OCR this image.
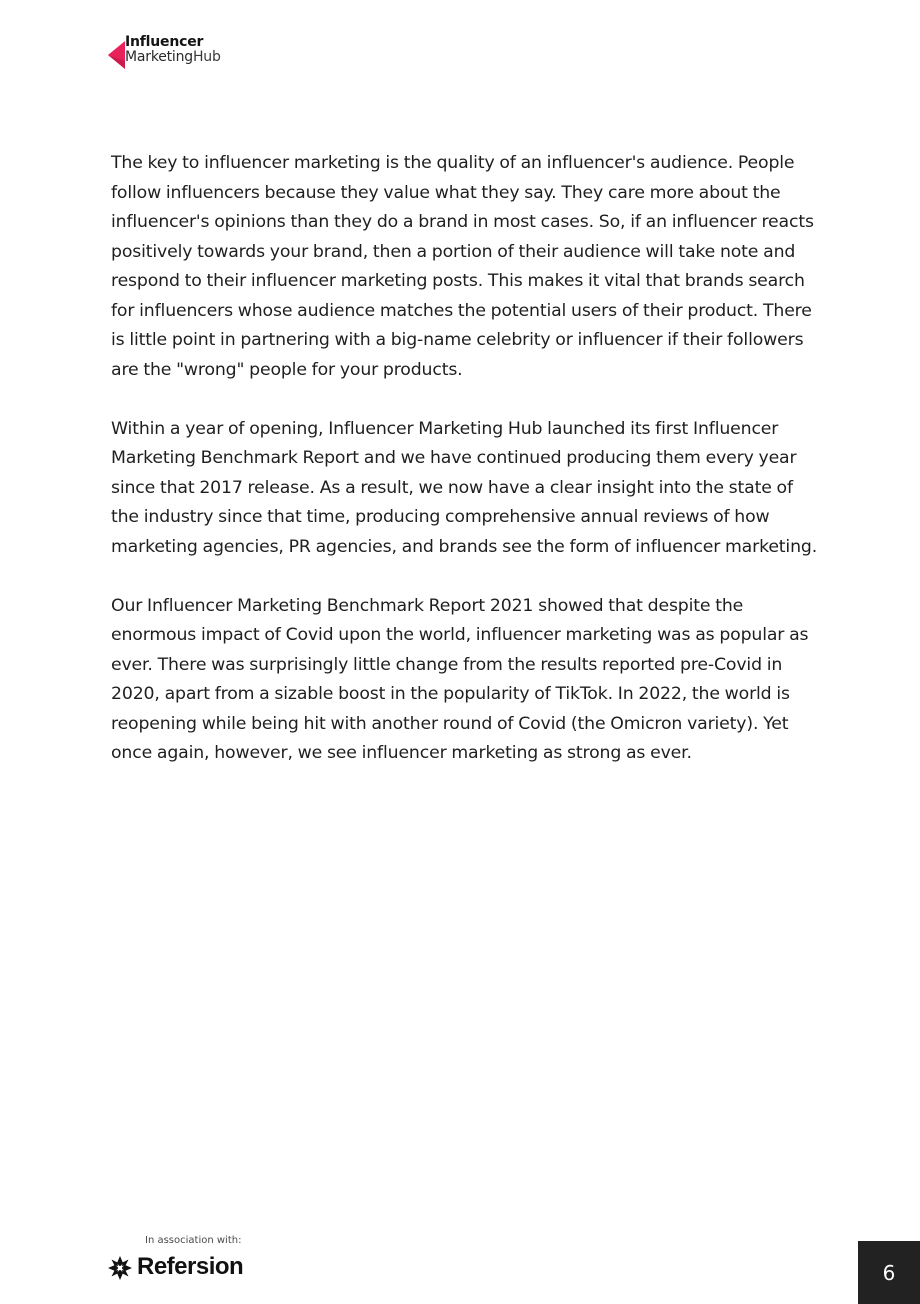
Influencer
MarketingHub

The key to influencer marketing is the quality of an influencer's audience. People follow influencers because they value what they say. They care more about the influencer's opinions than they do a brand in most cases. So, if an influencer reacts positively towards your brand, then a portion of their audience will take note and respond to their influencer marketing posts. This makes it vital that brands search for influencers whose audience matches the potential users of their product. There is little point in partnering with a big-name celebrity or influencer if their followers are the "wrong" people for your products.

Within a year of opening, Influencer Marketing Hub launched its first Influencer Marketing Benchmark Report and we have continued producing them every year since that 2017 release. As a result, we now have a clear insight into the state of the industry since that time, producing comprehensive annual reviews of how marketing agencies, PR agencies, and brands see the form of influencer marketing.

Our Influencer Marketing Benchmark Report 2021 showed that despite the enormous impact of Covid upon the world, influencer marketing was as popular as ever. There was surprisingly little change from the results reported pre-Covid in 2020, apart from a sizable boost in the popularity of TikTok. In 2022, the world is reopening while being hit with another round of Covid (the Omicron variety). Yet once again, however, we see influencer marketing as strong as ever.

In association with:
Refersion	6
